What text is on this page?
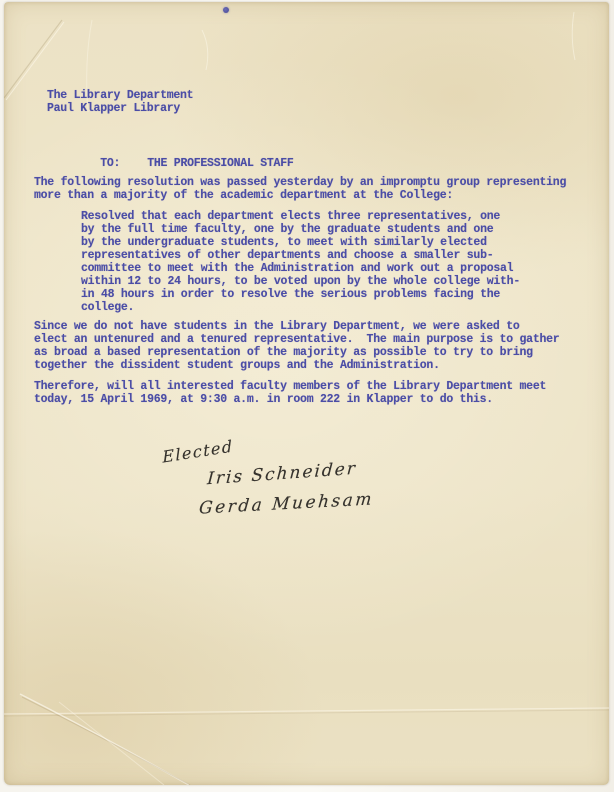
The Library Department
Paul Klapper Library

TO: THE PROFESSIONAL STAFF

The following resolution was passed yesterday by an impromptu group representing
more than a majority of the academic department at the College:
Resolved that each department elects three representatives, one
by the full time faculty, one by the graduate students and one
by the undergraduate students, to meet with similarly elected
representatives of other departments and choose a smaller sub-
committee to meet with the Administration and work out a proposal
within 12 to 24 hours, to be voted upon by the whole college with-
in 48 hours in order to resolve the serious problems facing the
college.
Since we do not have students in the Library Department, we were asked to
elect an untenured and a tenured representative.  The main purpose is to gather
as broad a based representation of the majority as possible to try to bring
together the dissident student groups and the Administration.
Therefore, will all interested faculty members of the Library Department meet
today, 15 April 1969, at 9:30 a.m. in room 222 in Klapper to do this.
Elected
Iris Schneider
Gerda Muehsam
